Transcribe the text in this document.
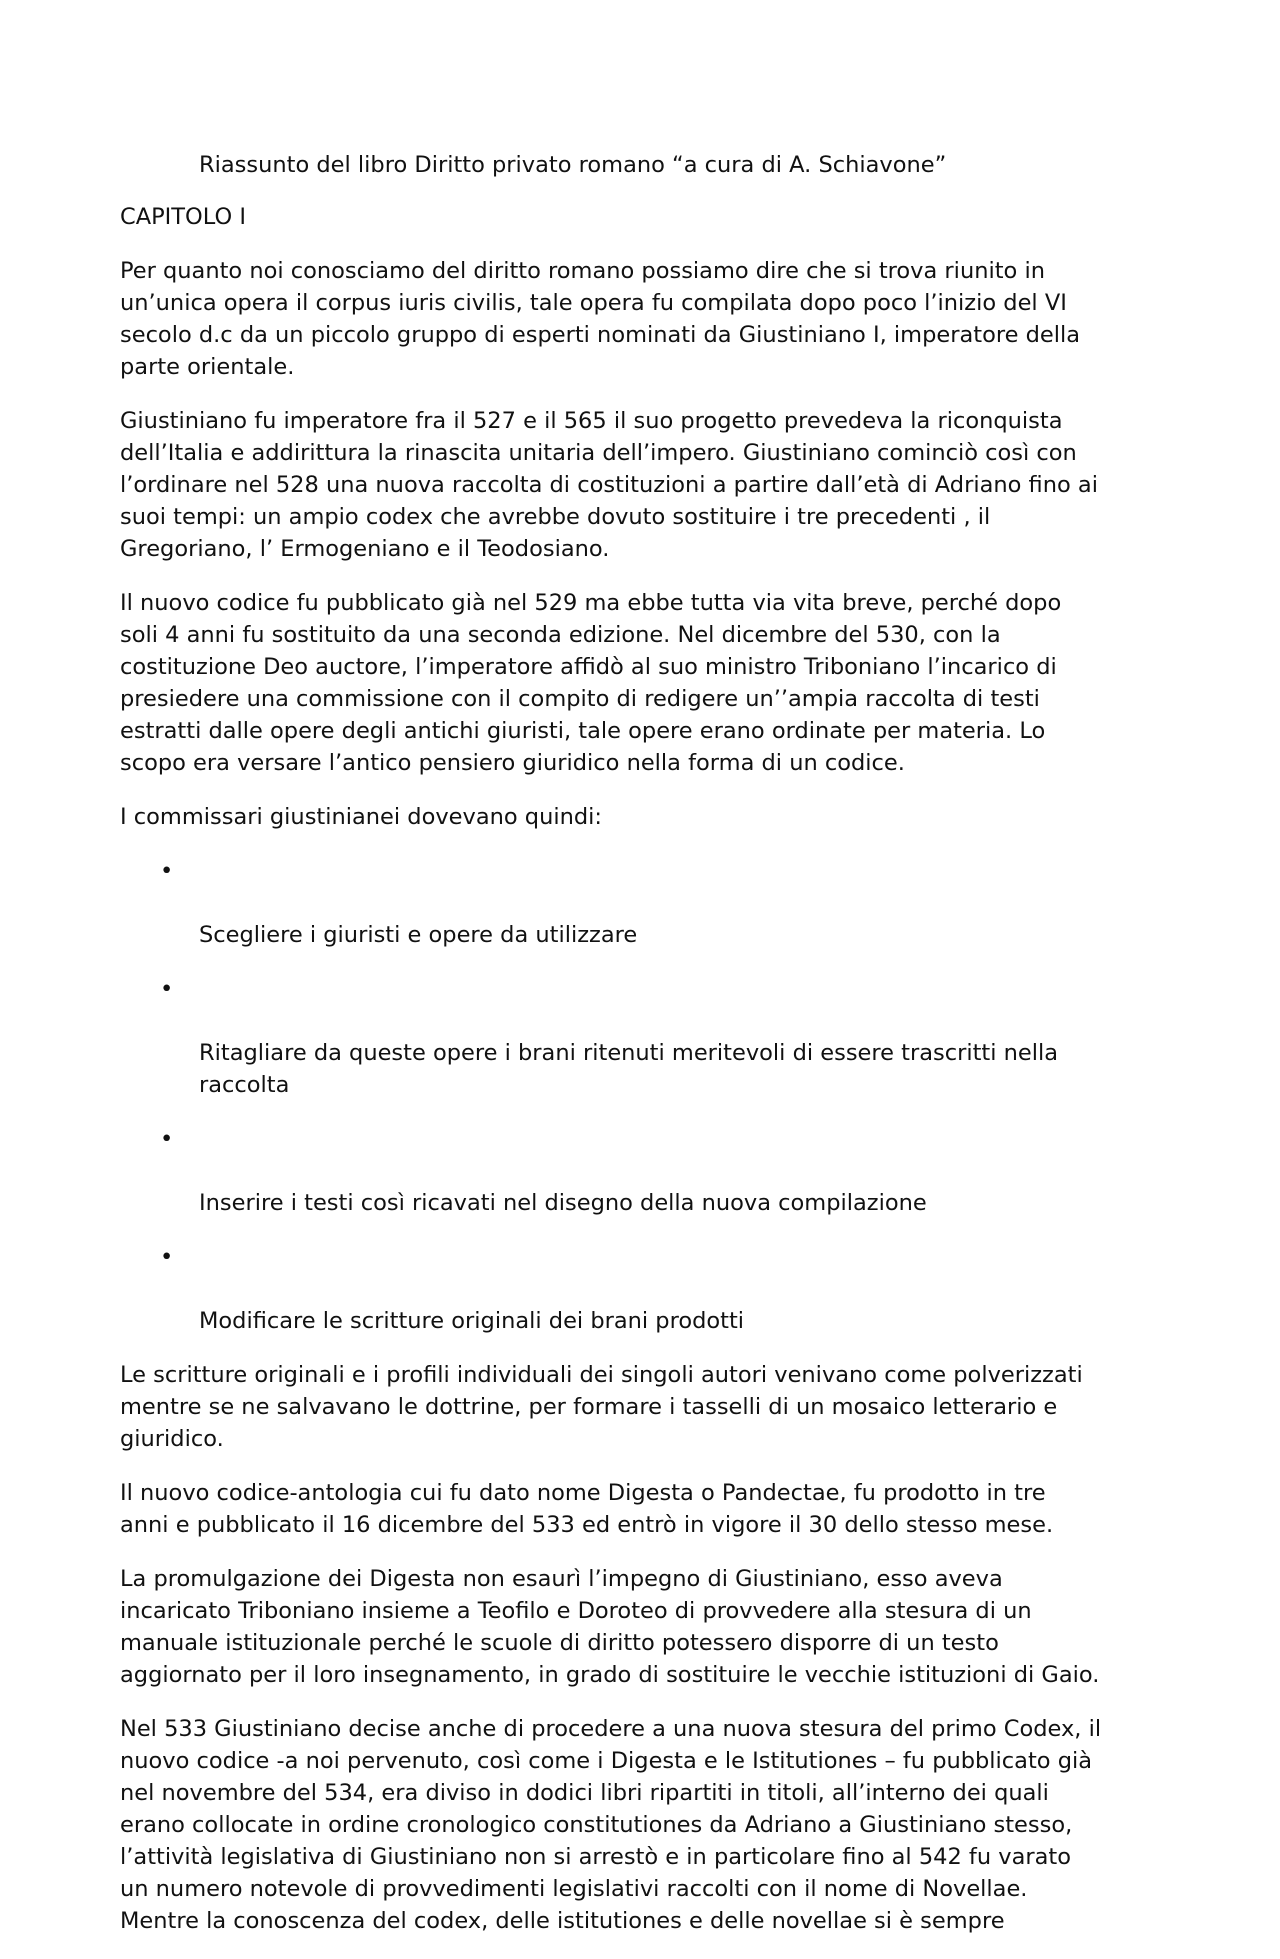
Riassunto del libro Diritto privato romano “a cura di A. Schiavone”
CAPITOLO I

Per quanto noi conosciamo del diritto romano possiamo dire che si trova riunito in
un’unica opera il corpus iuris civilis, tale opera fu compilata dopo poco l’inizio del VI
secolo d.c da un piccolo gruppo di esperti nominati da Giustiniano I, imperatore della
parte orientale.

Giustiniano fu imperatore fra il 527 e il 565 il suo progetto prevedeva la riconquista
dell’Italia e addirittura la rinascita unitaria dell’impero. Giustiniano cominciò così con
l’ordinare nel 528 una nuova raccolta di costituzioni a partire dall’età di Adriano fino ai
suoi tempi: un ampio codex che avrebbe dovuto sostituire i tre precedenti , il
Gregoriano, l’ Ermogeniano e il Teodosiano.

Il nuovo codice fu pubblicato già nel 529 ma ebbe tutta via vita breve, perché dopo
soli 4 anni fu sostituito da una seconda edizione. Nel dicembre del 530, con la
costituzione Deo auctore, l’imperatore affidò al suo ministro Triboniano l’incarico di
presiedere una commissione con il compito di redigere un’’ampia raccolta di testi
estratti dalle opere degli antichi giuristi, tale opere erano ordinate per materia. Lo
scopo era versare l’antico pensiero giuridico nella forma di un codice.

I commissari giustinianei dovevano quindi:

•

Scegliere i giuristi e opere da utilizzare

•

Ritagliare da queste opere i brani ritenuti meritevoli di essere trascritti nella
raccolta

•

Inserire i testi così ricavati nel disegno della nuova compilazione

•

Modificare le scritture originali dei brani prodotti

Le scritture originali e i profili individuali dei singoli autori venivano come polverizzati
mentre se ne salvavano le dottrine, per formare i tasselli di un mosaico letterario e
giuridico.

Il nuovo codice-antologia cui fu dato nome Digesta o Pandectae, fu prodotto in tre
anni e pubblicato il 16 dicembre del 533 ed entrò in vigore il 30 dello stesso mese.

La promulgazione dei Digesta non esaurì l’impegno di Giustiniano, esso aveva
incaricato Triboniano insieme a Teofilo e Doroteo di provvedere alla stesura di un
manuale istituzionale perché le scuole di diritto potessero disporre di un testo
aggiornato per il loro insegnamento, in grado di sostituire le vecchie istituzioni di Gaio.

Nel 533 Giustiniano decise anche di procedere a una nuova stesura del primo Codex, il
nuovo codice -a noi pervenuto, così come i Digesta e le Istitutiones – fu pubblicato già
nel novembre del 534, era diviso in dodici libri ripartiti in titoli, all’interno dei quali
erano collocate in ordine cronologico constitutiones da Adriano a Giustiniano stesso,
l’attività legislativa di Giustiniano non si arrestò e in particolare fino al 542 fu varato
un numero notevole di provvedimenti legislativi raccolti con il nome di Novellae.
Mentre la conoscenza del codex, delle istitutiones e delle novellae si è sempre
